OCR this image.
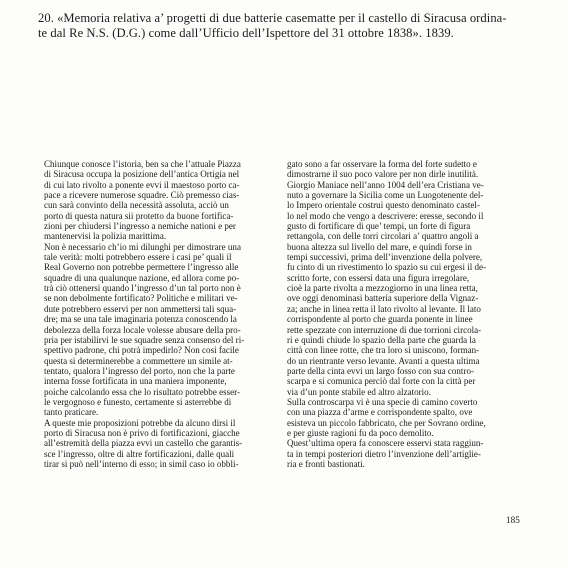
20. «Memoria relativa a’ progetti di due batterie casematte per il castello di Siracusa ordina-
te dal Re N.S. (D.G.) come dall’Ufficio dell’Ispettore del 31 ottobre 1838». 1839.
Chiunque conosce l’istoria, ben sa che l’attuale Piazza
di Siracusa occupa la posizione dell’antica Ortigia nel
di cui lato rivolto a ponente evvi il maestoso porto ca-
pace a ricevere numerose squadre. Ciò premesso cias-
cun sarà convinto della necessità assoluta, acciò un
porto di questa natura sii protetto da buone fortifica-
zioni per chiudersi l’ingresso a nemiche nationi e per
mantenervisi la polizia marittima.
Non è necessario ch’io mi dilunghi per dimostrare una
tale verità: molti potrebbero essere i casi pe’ quali il
Real Governo non potrebbe permettere l’ingresso alle
squadre di una qualunque nazione, ed allora come po-
trà ciò ottenersi quando l’ingresso d’un tal porto non è
se non debolmente fortificato? Politiche e militari ve-
dute potrebbero esservi per non ammettersi tali squa-
dre; ma se una tale imaginaria potenza conoscendo la
debolezza della forza locale volesse abusare della pro-
pria per istabilirvi le sue squadre senza consenso del ri-
spettivo padrone, chi potrà impedirlo? Non cosi facile
questa si determinerebbe a commettere un simile at-
tentato, qualora l’ingresso del porto, non che la parte
interna fosse fortificata in una maniera imponente,
poiche calcolando essa che lo risultato potrebbe esser-
le vergognoso e funesto, certamente si asterrebbe di
tanto praticare.
A queste mie proposizioni potrebbe da alcuno dirsi il
porto di Siracusa non è privo di fortificazioni, giacche
all’estremità della piazza evvi un castello che garantis-
sce l’ingresso, oltre di altre fortificazioni, dalle quali
tirar si può nell’interno di esso; in simil caso io obbli-
gato sono a far osservare la forma del forte sudetto e
dimostrarne il suo poco valore per non dirle inutilità.
Giorgio Maniace nell’anno 1004 dell’era Cristiana ve-
nuto a governare la Sicilia come un Luogotenente del-
lo Impero orientale costruì questo denominato castel-
lo nel modo che vengo a descrivere: eresse, secondo il
gusto di fortificare di que’ tempi, un forte di figura
rettangola, con delle torri circolari a’ quattro angoli a
buona altezza sul livello del mare, e quindi forse in
tempi successivi, prima dell’invenzione della polvere,
fu cinto di un rivestimento lo spazio su cui ergesi il de-
scritto forte, con essersi data una figura irregolare,
cioè la parte rivolta a mezzogiorno in una linea retta,
ove oggi denominasi batteria superiore della Vignaz-
za; anche in linea retta il lato rivolto al levante. Il lato
corrispondente al porto che guarda ponente in linee
rette spezzate con interruzione di due torrioni circola-
ri e quindi chiude lo spazio della parte che guarda la
città con linee rotte, che tra loro si uniscono, forman-
do un rientrante verso levante. Avanti a questa ultima
parte della cinta evvi un largo fosso con sua contro-
scarpa e si comunica perciò dal forte con la città per
via d’un ponte stabile ed altro alzatorio.
Sulla controscarpa vi è una specie di camino coverto
con una piazza d’arme e corrispondente spalto, ove
esisteva un piccolo fabbricato, che per Sovrano ordine,
e per giuste ragioni fu da poco demolito.
Quest’ultima opera fa conoscere esservi stata raggiun-
ta in tempi posteriori dietro l’invenzione dell’artiglie-
ria e fronti bastionati.

185
